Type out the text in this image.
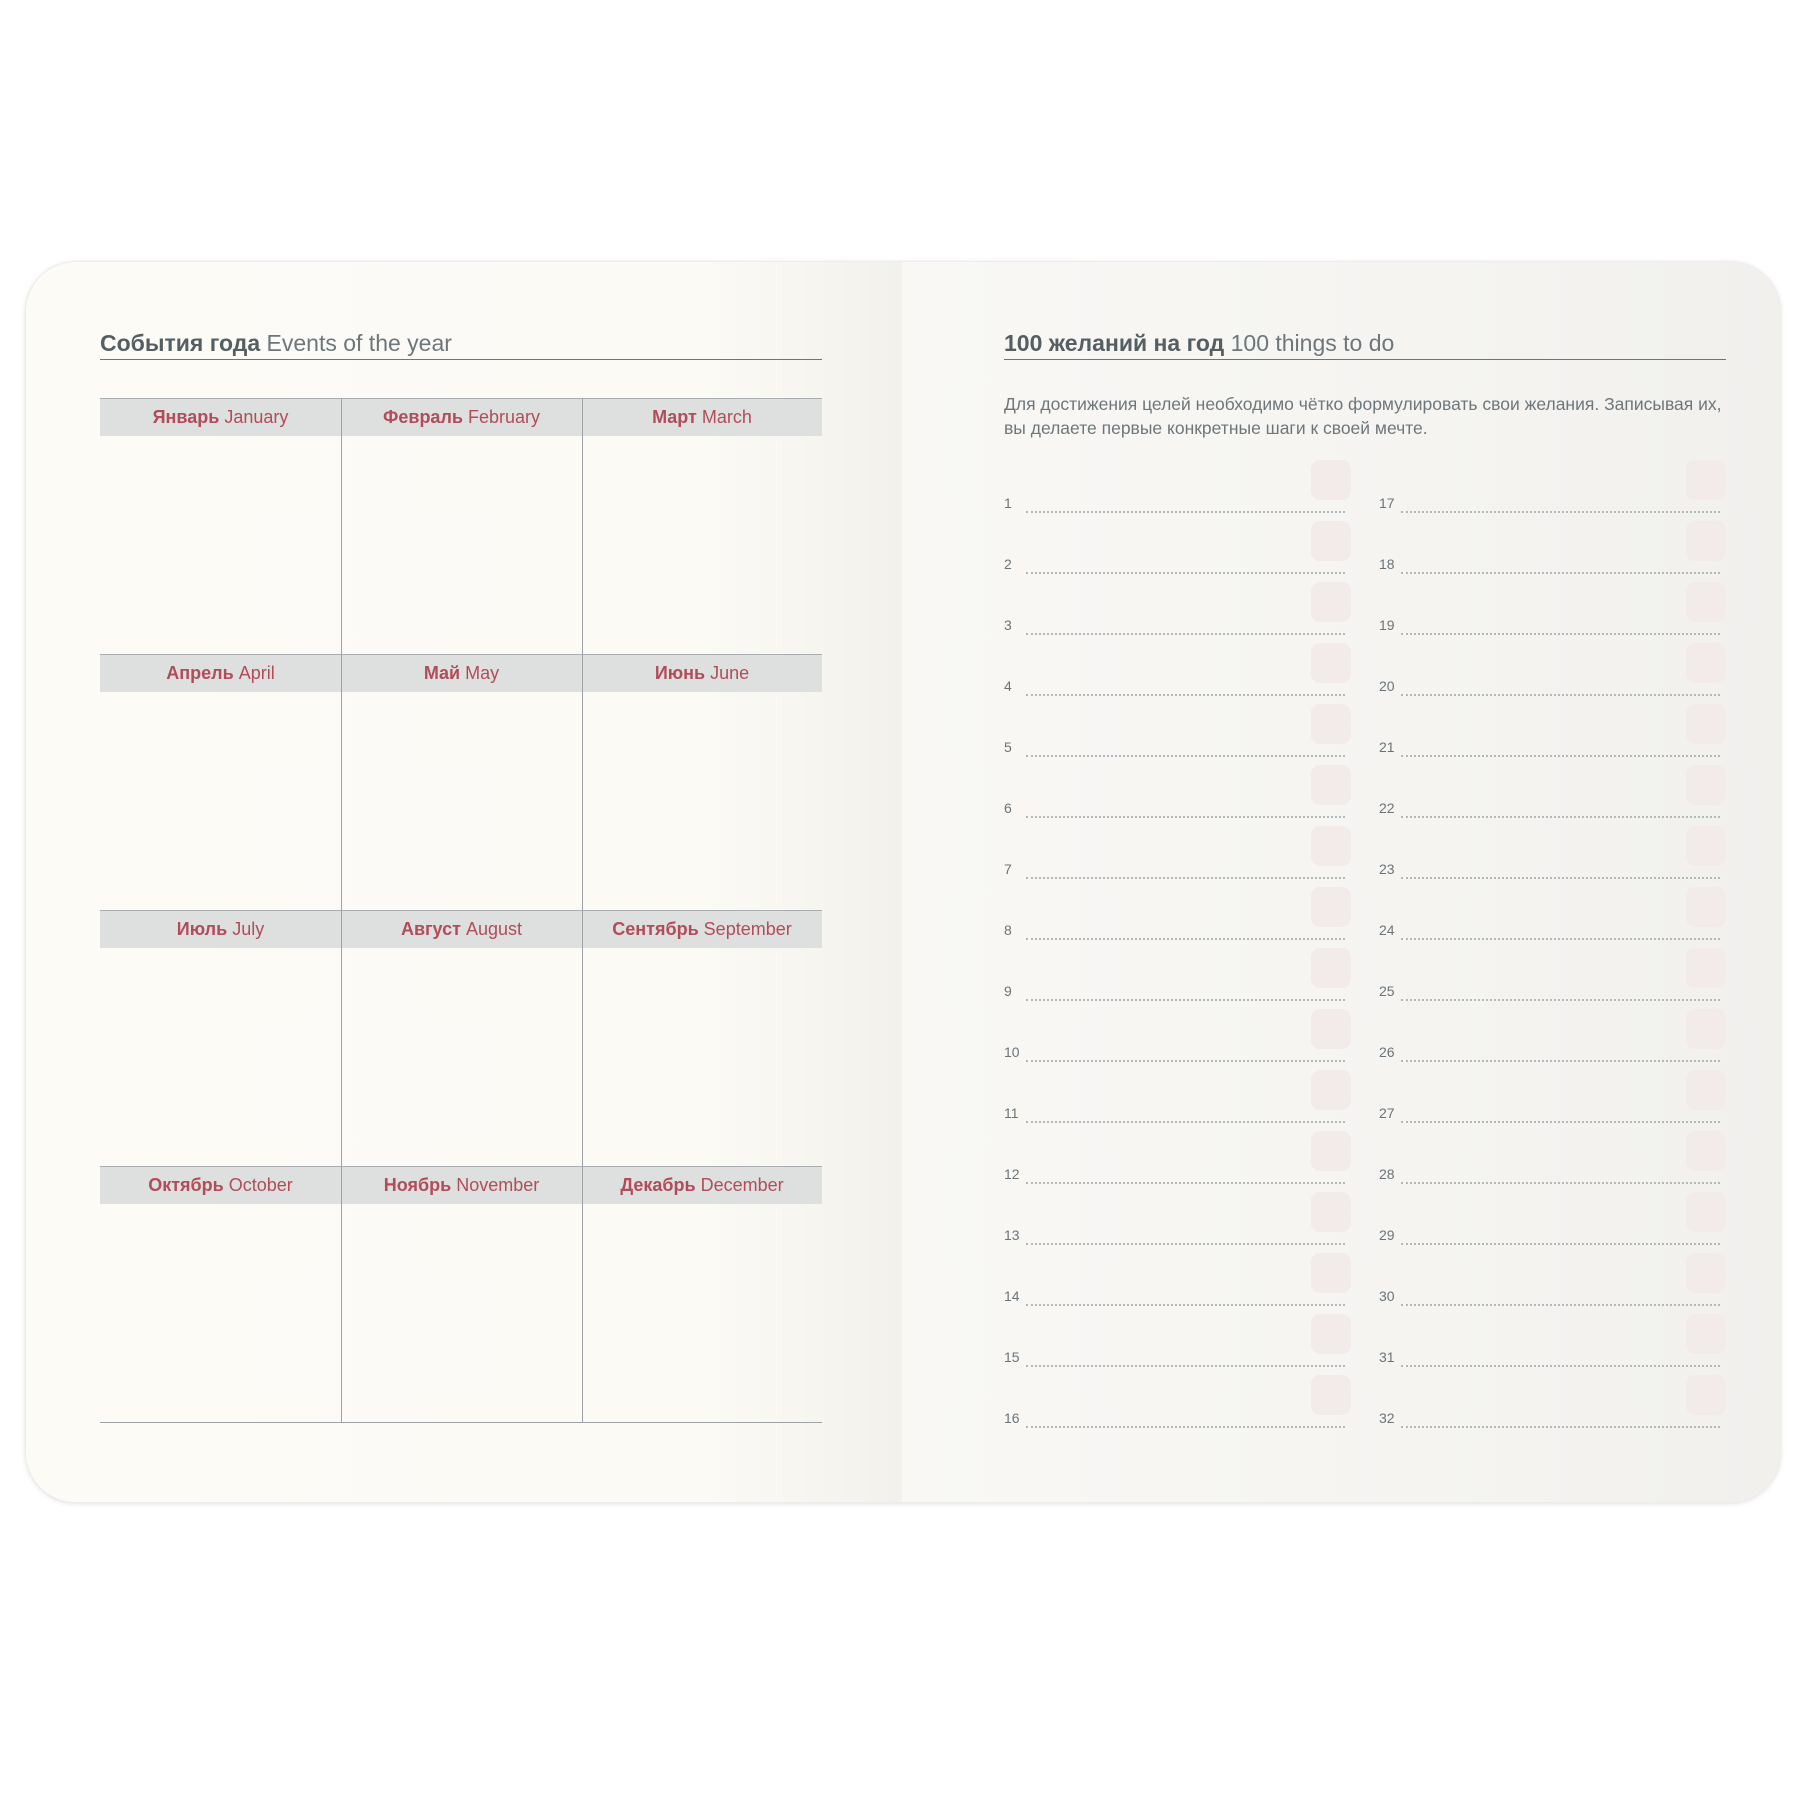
События года Events of the year
Январь January	Февраль February	Март March
Апрель April	Май May	Июнь June
Июль July	Август August	Сентябрь September
Октябрь October	Ноябрь November	Декабрь December
100 желаний на год 100 things to do
Для достижения целей необходимо чётко формулировать свои желания. Записывая их,
вы делаете первые конкретные шаги к своей мечте.
1
2
3
4
5
6
7
8
9
10
11
12
13
14
15
16
17
18
19
20
21
22
23
24
25
26
27
28
29
30
31
32
